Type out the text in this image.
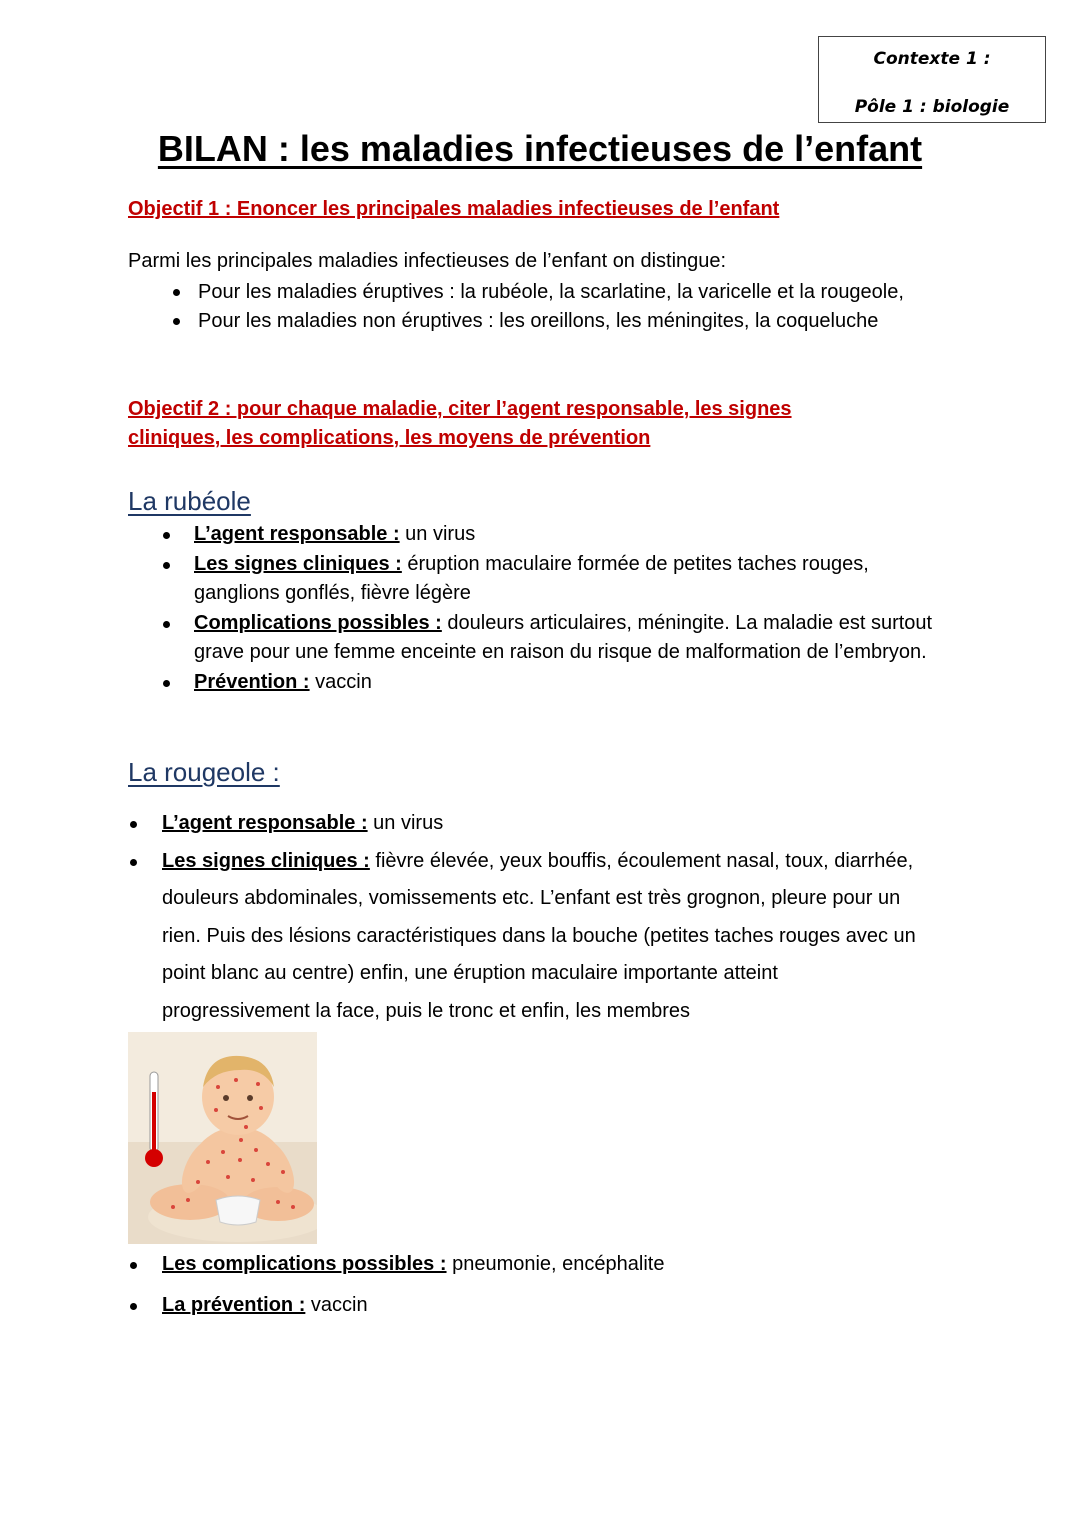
Contexte 1 :
Pôle 1 : biologie
BILAN : les maladies infectieuses de l’enfant
Objectif 1 : Enoncer les principales maladies infectieuses de l’enfant
Parmi les principales maladies infectieuses de l’enfant on distingue:
Pour les maladies éruptives : la rubéole, la scarlatine, la varicelle et la rougeole,
Pour les maladies non éruptives : les oreillons, les méningites, la coqueluche
Objectif 2 : pour chaque maladie, citer l’agent responsable, les signes cliniques, les complications, les moyens de prévention
La rubéole
L’agent responsable : un virus
Les signes cliniques : éruption maculaire formée de petites taches rouges, ganglions gonflés, fièvre légère
Complications possibles : douleurs articulaires, méningite. La maladie est surtout grave pour une femme enceinte en raison du risque de malformation de l’embryon.
Prévention : vaccin
La rougeole :
L’agent responsable : un virus
Les signes cliniques : fièvre élevée, yeux bouffis, écoulement nasal, toux, diarrhée, douleurs abdominales, vomissements etc. L’enfant est très grognon, pleure pour un rien. Puis des lésions caractéristiques dans la bouche (petites taches rouges avec un point blanc au centre) enfin, une éruption maculaire importante atteint progressivement la face, puis le tronc et enfin, les membres
Les complications possibles : pneumonie, encéphalite
La prévention : vaccin
